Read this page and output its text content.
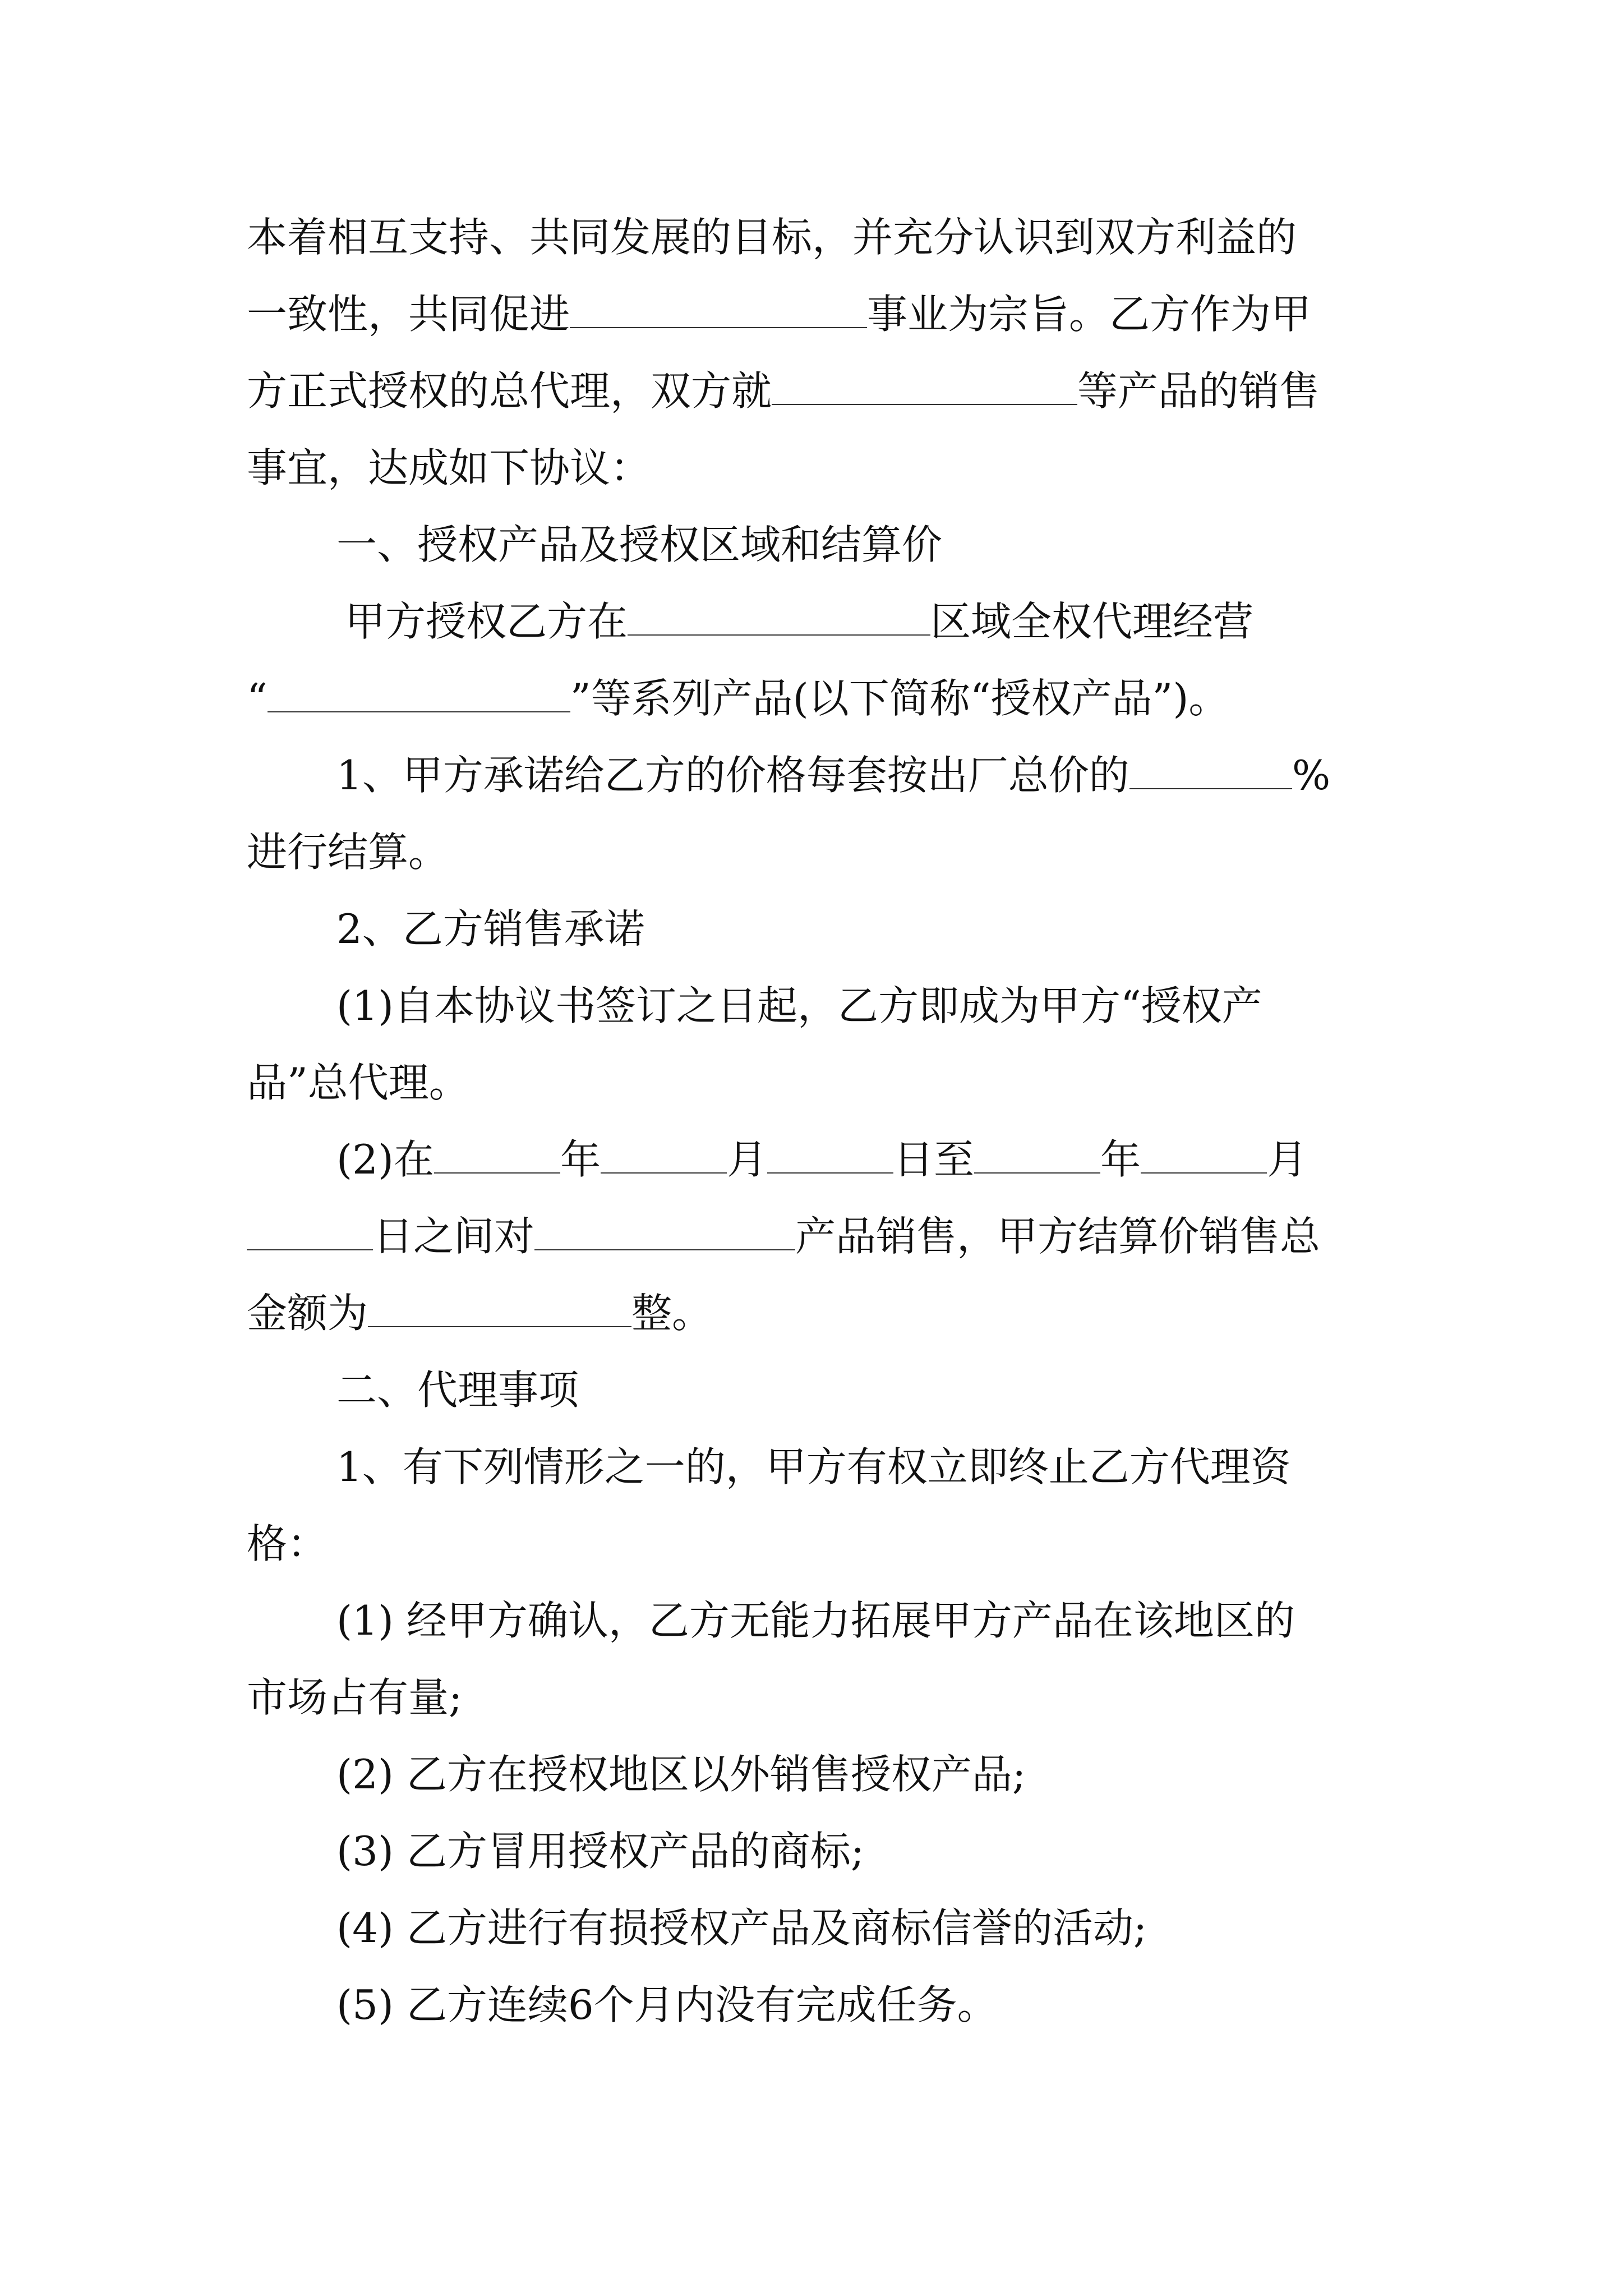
本着相互支持、共同发展的目标，并充分认识到双方利益的
一致性，共同促进	事业为宗旨。乙方作为甲
方正式授权的总代理，双方就	等产品的销售
事宜，达成如下协议：
一、授权产品及授权区域和结算价
甲方授权乙方在	区域全权代理经营
“	”等系列产品(以下简称“授权产品”)。
1、甲方承诺给乙方的价格每套按出厂总价的	%
进行结算。
2、乙方销售承诺
(1)自本协议书签订之日起，乙方即成为甲方“授权产
品”总代理。
(2)在	年	月	日至	年	月
日之间对	产品销售，甲方结算价销售总
金额为	整。
二、代理事项
1、有下列情形之一的，甲方有权立即终止乙方代理资
格：
(1) 经甲方确认，乙方无能力拓展甲方产品在该地区的
市场占有量;
(2) 乙方在授权地区以外销售授权产品;
(3) 乙方冒用授权产品的商标;
(4) 乙方进行有损授权产品及商标信誉的活动;
(5) 乙方连续6个月内没有完成任务。
